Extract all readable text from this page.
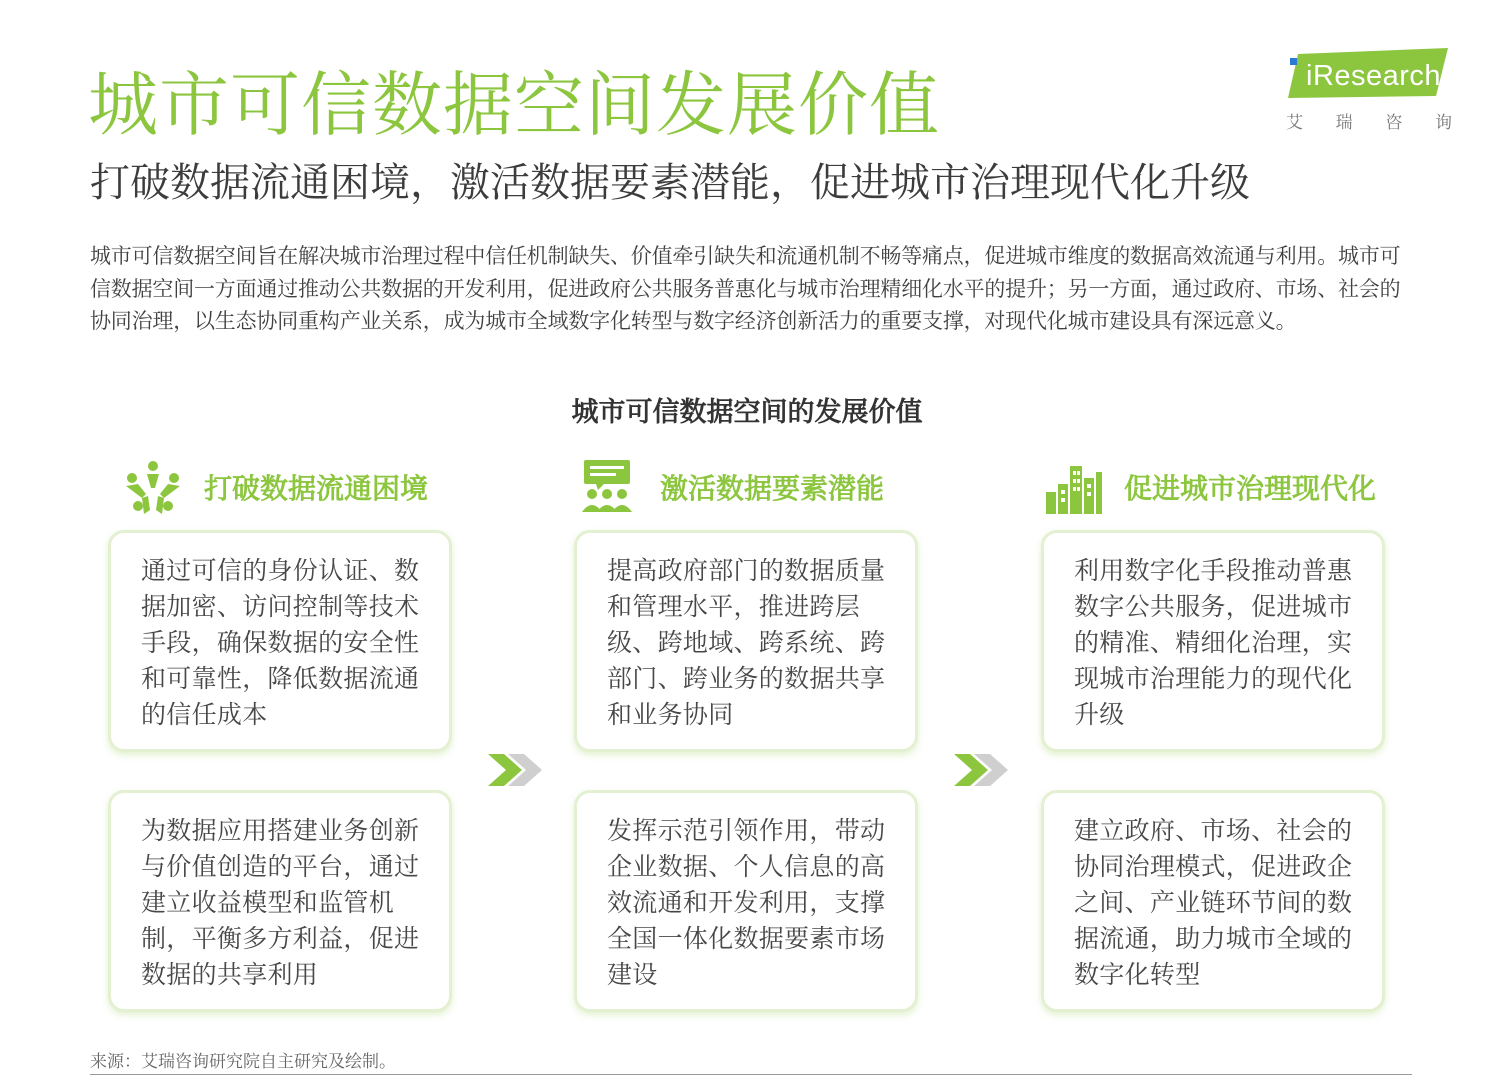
城市可信数据空间发展价值
打破数据流通困境，激活数据要素潜能，促进城市治理现代化升级
iResearch
艾 瑞 咨 询
城市可信数据空间旨在解决城市治理过程中信任机制缺失、价值牵引缺失和流通机制不畅等痛点，促进城市维度的数据高效流通与利用。城市可信数据空间一方面通过推动公共数据的开发利用，促进政府公共服务普惠化与城市治理精细化水平的提升；另一方面，通过政府、市场、社会的协同治理，以生态协同重构产业关系，成为城市全域数字化转型与数字经济创新活力的重要支撑，对现代化城市建设具有深远意义。
城市可信数据空间的发展价值
打破数据流通困境	激活数据要素潜能	促进城市治理现代化

通过可信的身份认证、数据加密、访问控制等技术手段，确保数据的安全性和可靠性，降低数据流通的信任成本

提高政府部门的数据质量和管理水平，推进跨层级、跨地域、跨系统、跨部门、跨业务的数据共享和业务协同

利用数字化手段推动普惠数字公共服务，促进城市的精准、精细化治理，实现城市治理能力的现代化升级

为数据应用搭建业务创新与价值创造的平台，通过建立收益模型和监管机制，平衡多方利益，促进数据的共享利用

发挥示范引领作用，带动企业数据、个人信息的高效流通和开发利用，支撑全国一体化数据要素市场建设

建立政府、市场、社会的协同治理模式，促进政企之间、产业链环节间的数据流通，助力城市全域的数字化转型

来源：艾瑞咨询研究院自主研究及绘制。
